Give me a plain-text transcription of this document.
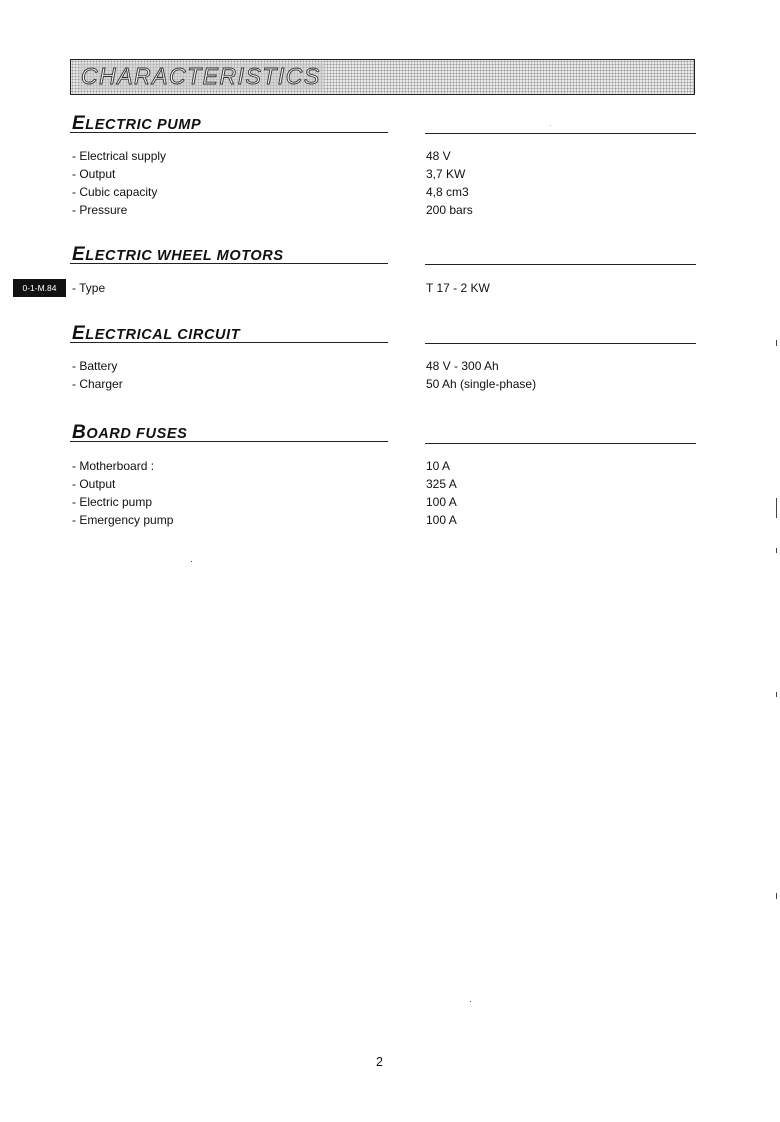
CHARACTERISTICS
ELECTRIC PUMP
- Electrical supply	48 V
- Output	3,7 KW
- Cubic capacity	4,8 cm3
- Pressure	200 bars
ELECTRIC WHEEL MOTORS
0-1-M.84	- Type	T 17 - 2 KW
ELECTRICAL CIRCUIT
- Battery	48 V - 300 Ah
- Charger	50 Ah (single-phase)
BOARD FUSES
- Motherboard :	10 A
- Output	325 A
- Electric pump	100 A
- Emergency pump	100 A
2
